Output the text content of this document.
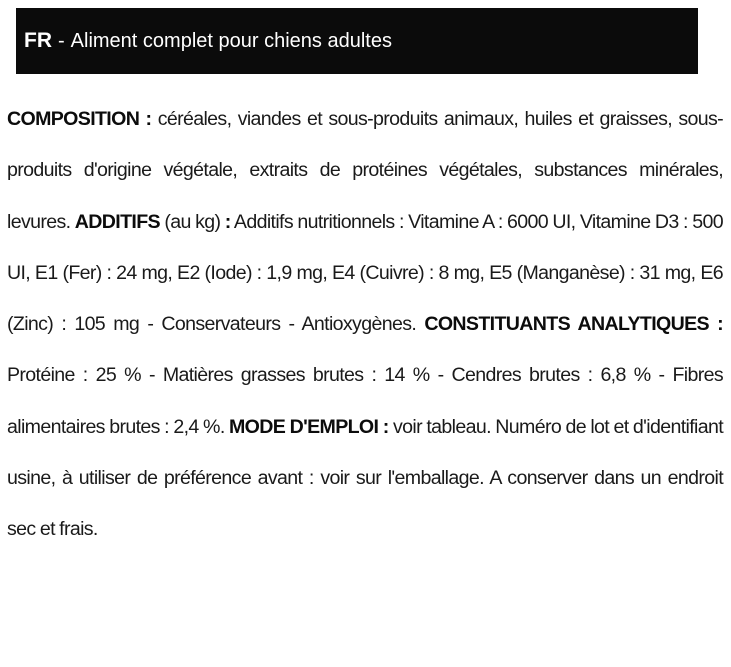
FR - Aliment complet pour chiens adultes
COMPOSITION : céréales, viandes et sous-produits animaux, huiles et graisses, sous-produits d'origine végétale, extraits de protéines végétales, substances minérales, levures. ADDITIFS (au kg) : Additifs nutritionnels : Vitamine A : 6000 UI, Vitamine D3 : 500 UI, E1 (Fer) : 24 mg, E2 (Iode) : 1,9 mg, E4 (Cuivre) : 8 mg, E5 (Manganèse) : 31 mg, E6 (Zinc) : 105 mg - Conservateurs - Antioxygènes. CONSTITUANTS ANALYTIQUES : Protéine : 25 % - Matières grasses brutes : 14 % - Cendres brutes : 6,8 % - Fibres alimentaires brutes : 2,4 %. MODE D'EMPLOI : voir tableau. Numéro de lot et d'identifiant usine, à utiliser de préférence avant : voir sur l'emballage. A conserver dans un endroit sec et frais.
